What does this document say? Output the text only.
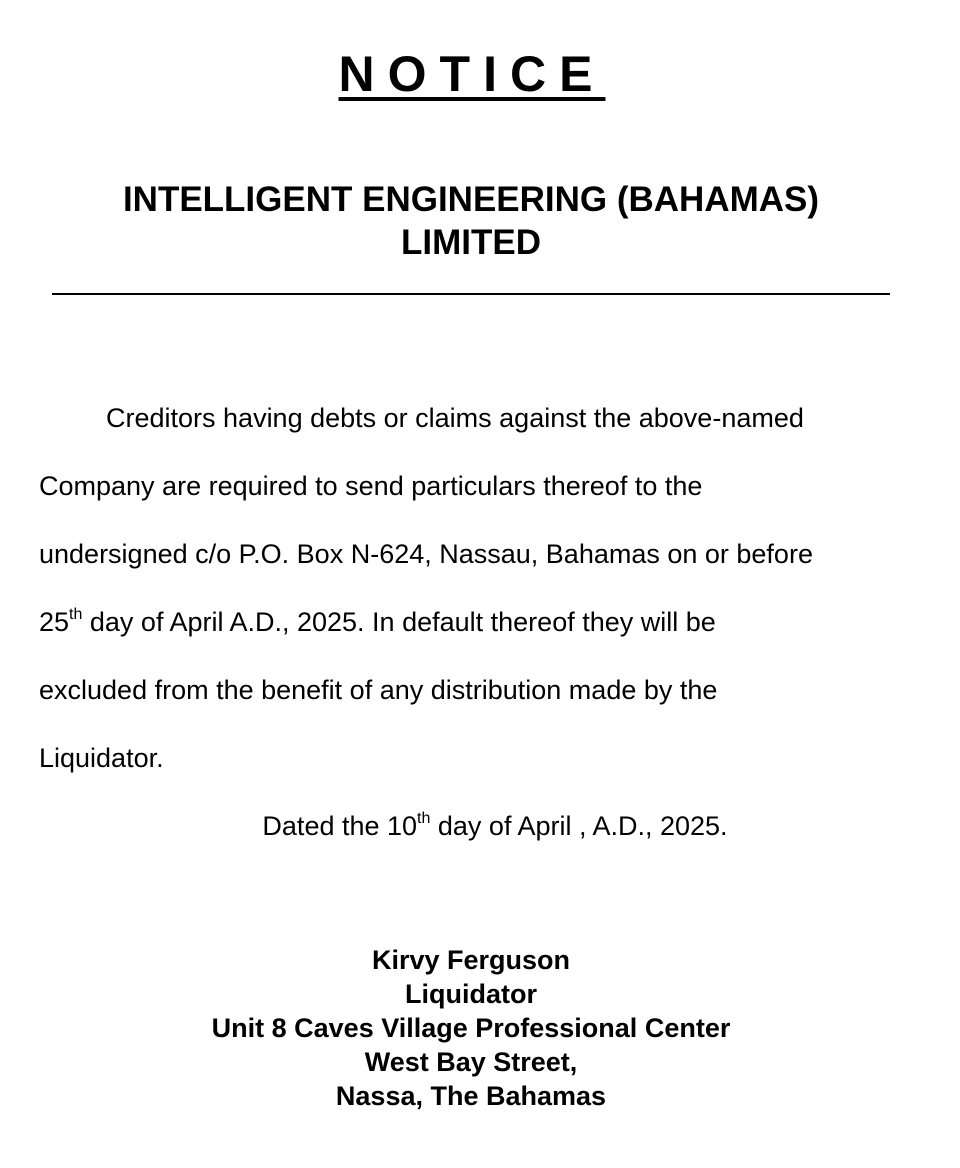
NOTICE
INTELLIGENT ENGINEERING (BAHAMAS) LIMITED
Creditors having debts or claims against the above-named
Company are required to send particulars thereof to the
undersigned c/o P.O. Box N-624, Nassau, Bahamas on or before
25th day of April A.D., 2025. In default thereof they will be
excluded from the benefit of any distribution made by the
Liquidator.
Dated the 10th day of April , A.D., 2025.
Kirvy Ferguson
Liquidator
Unit 8 Caves Village Professional Center
West Bay Street,
Nassa, The Bahamas
